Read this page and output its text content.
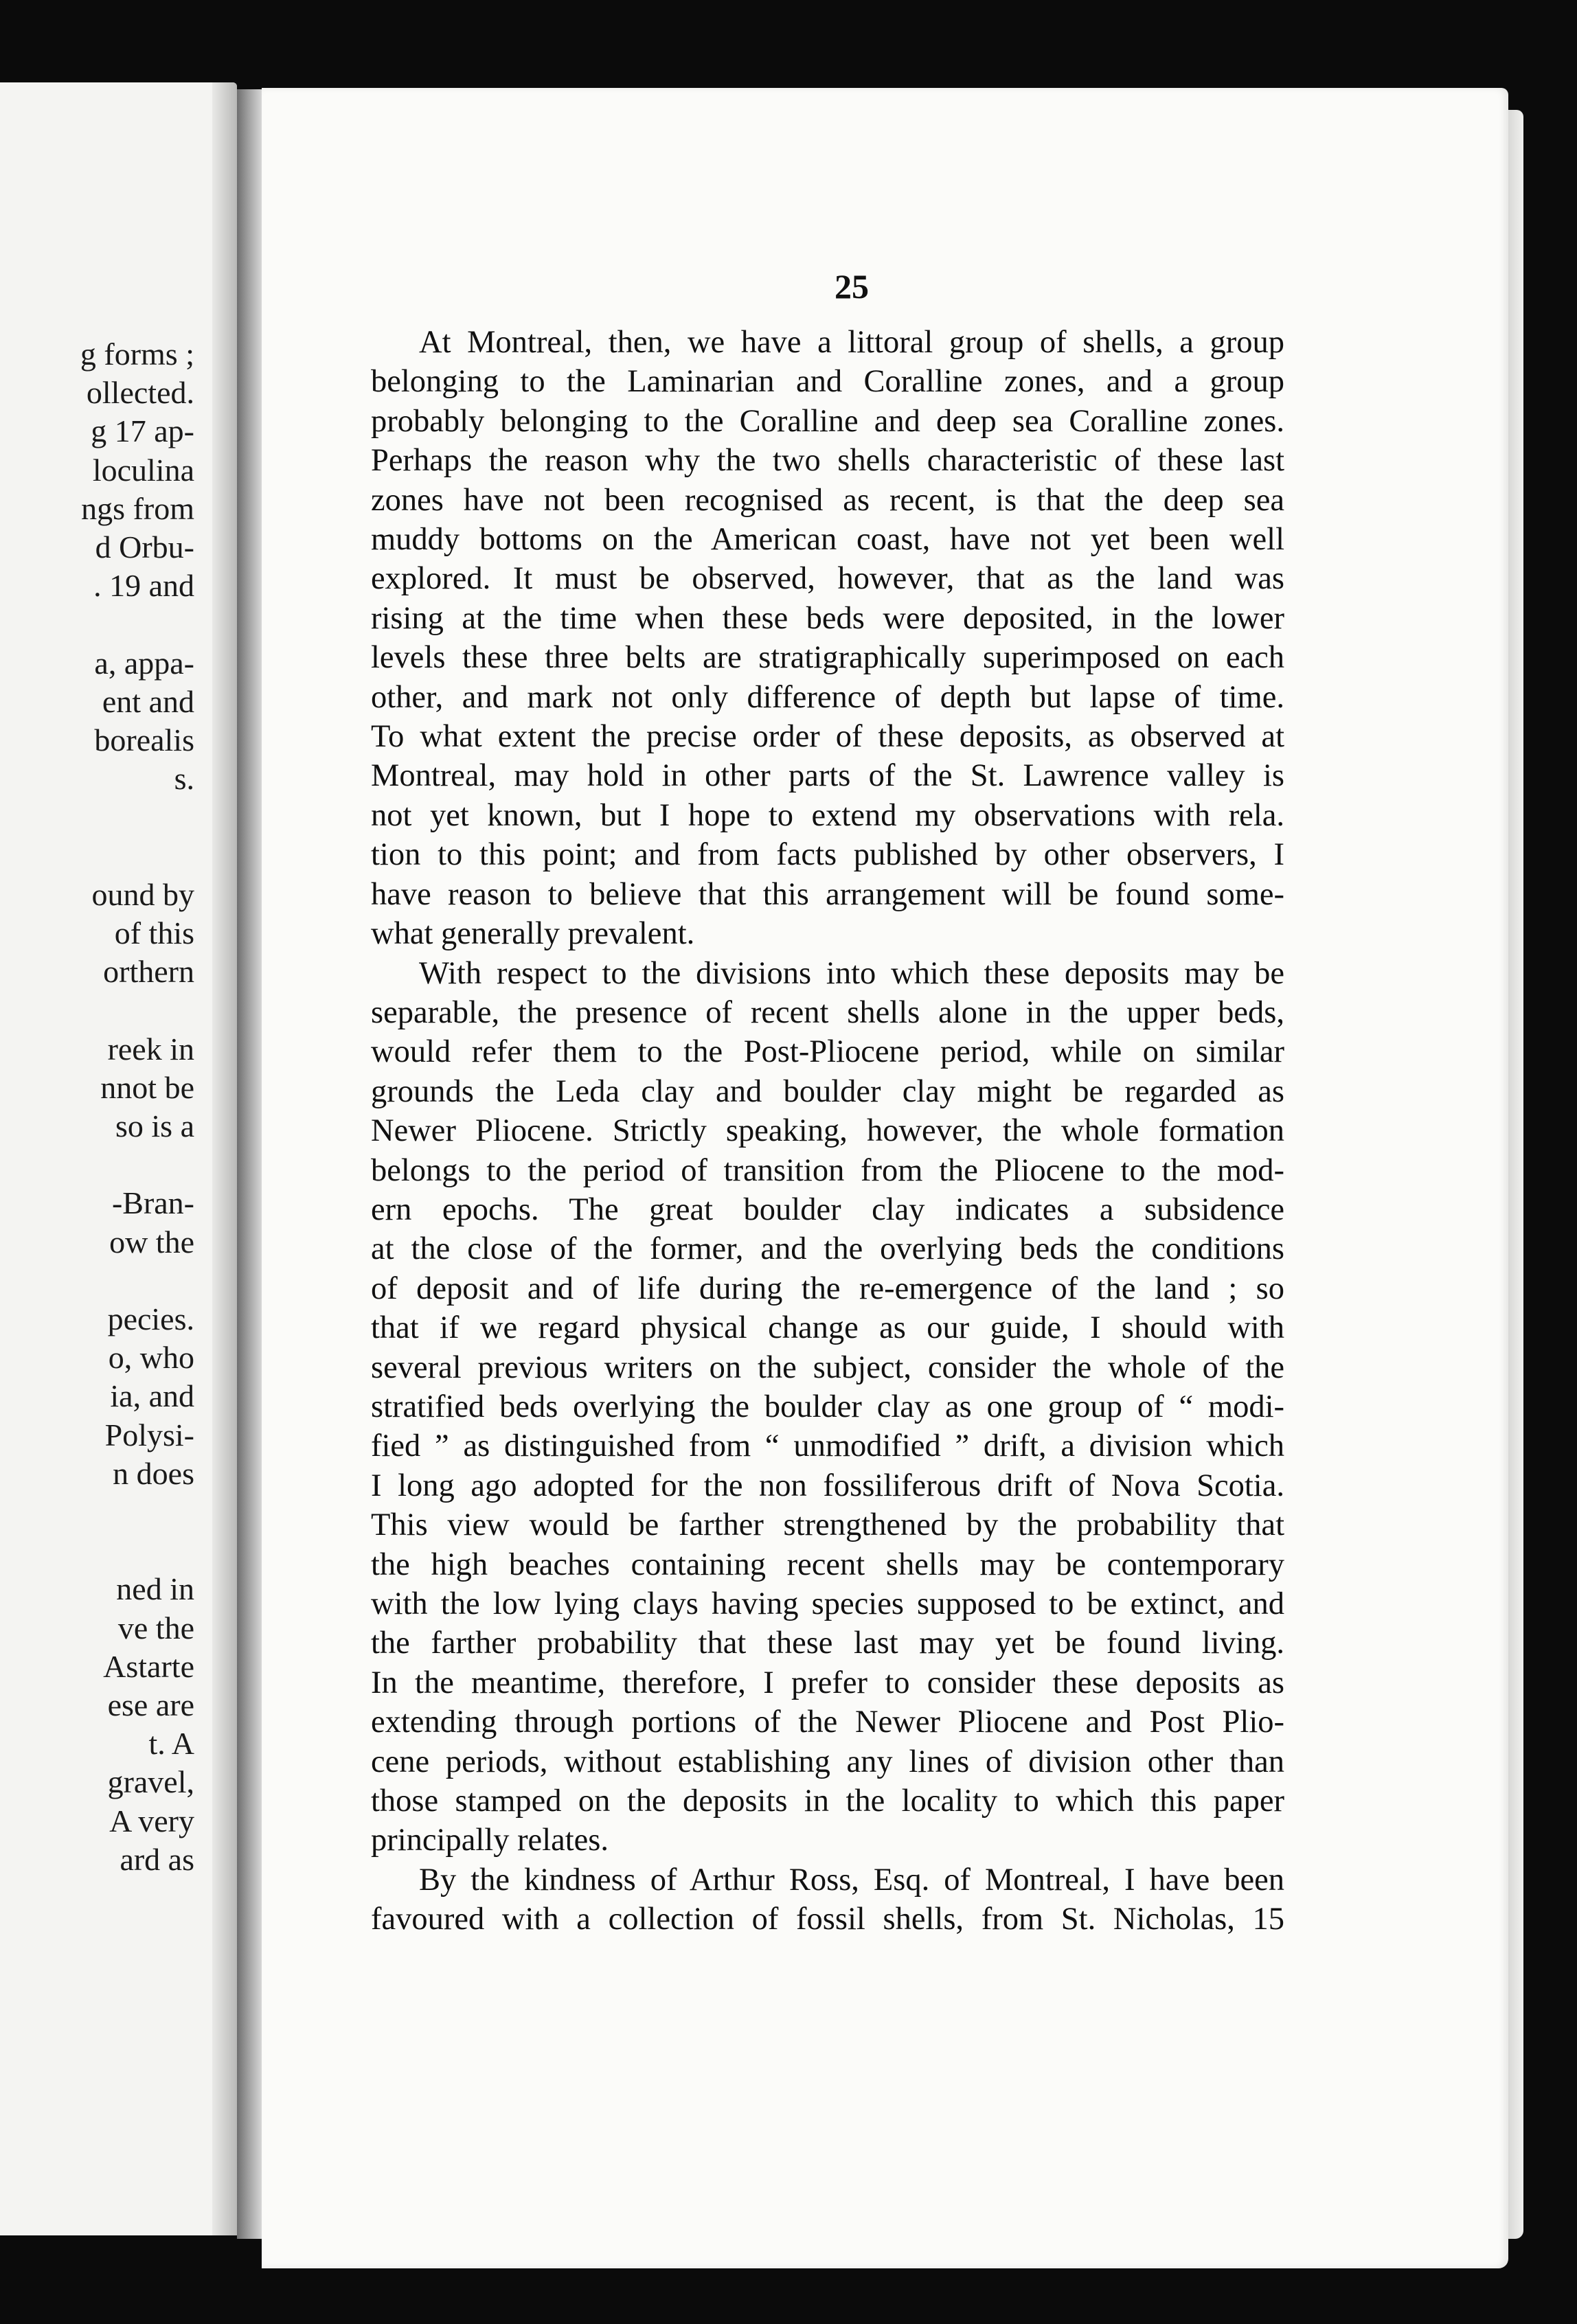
g forms ;
ollected.
g 17 ap-
loculina
ngs from
d Orbu-
. 19 and
a, appa-
ent and
borealis
s.
ound by
of this
orthern
reek in
nnot be
so is a
-Bran-
ow the
pecies.
o, who
ia, and
Polysi-
n does
ned in
ve the
Astarte
ese are
t. A
gravel,
A very
ard as
25
At Montreal, then, we have a littoral group of shells, a group
belonging to the Laminarian and Coralline zones, and a group
probably belonging to the Coralline and deep sea Coralline zones.
Perhaps the reason why the two shells characteristic of these last
zones have not been recognised as recent, is that the deep sea
muddy bottoms on the American coast, have not yet been well
explored. It must be observed, however, that as the land was
rising at the time when these beds were deposited, in the lower
levels these three belts are stratigraphically superimposed on each
other, and mark not only difference of depth but lapse of time.
To what extent the precise order of these deposits, as observed at
Montreal, may hold in other parts of the St. Lawrence valley is
not yet known, but I hope to extend my observations with rela.
tion to this point; and from facts published by other observers, I
have reason to believe that this arrangement will be found some-
what generally prevalent.
With respect to the divisions into which these deposits may be
separable, the presence of recent shells alone in the upper beds,
would refer them to the Post-Pliocene period, while on similar
grounds the Leda clay and boulder clay might be regarded as
Newer Pliocene. Strictly speaking, however, the whole formation
belongs to the period of transition from the Pliocene to the mod-
ern epochs. The great boulder clay indicates a subsidence
at the close of the former, and the overlying beds the conditions
of deposit and of life during the re-emergence of the land ; so
that if we regard physical change as our guide, I should with
several previous writers on the subject, consider the whole of the
stratified beds overlying the boulder clay as one group of “ modi-
fied ” as distinguished from “ unmodified ” drift, a division which
I long ago adopted for the non fossiliferous drift of Nova Scotia.
This view would be farther strengthened by the probability that
the high beaches containing recent shells may be contemporary
with the low lying clays having species supposed to be extinct, and
the farther probability that these last may yet be found living.
In the meantime, therefore, I prefer to consider these deposits as
extending through portions of the Newer Pliocene and Post Plio-
cene periods, without establishing any lines of division other than
those stamped on the deposits in the locality to which this paper
principally relates.
By the kindness of Arthur Ross, Esq. of Montreal, I have been
favoured with a collection of fossil shells, from St. Nicholas, 15
